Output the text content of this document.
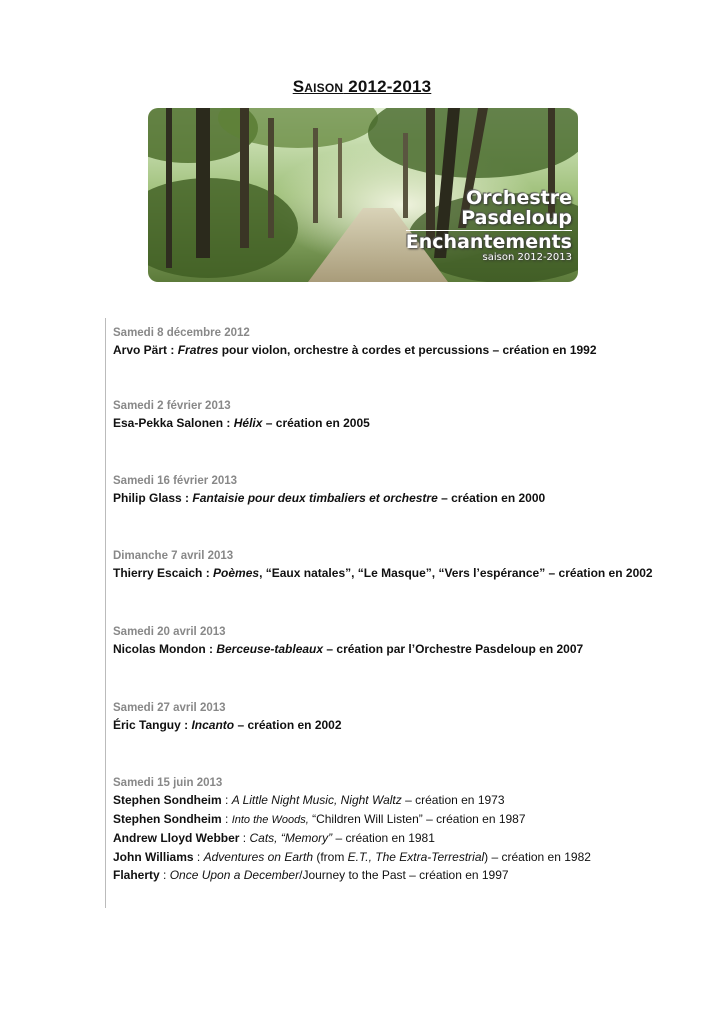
SAISON 2012-2013
Orchestre
Pasdeloup
Enchantements
saison 2012-2013
Samedi 8 décembre 2012
Arvo Pärt : Fratres pour violon, orchestre à cordes et percussions – création en 1992
Samedi 2 février 2013
Esa-Pekka Salonen : Hélix – création en 2005
Samedi 16 février 2013
Philip Glass : Fantaisie pour deux timbaliers et orchestre – création en 2000
Dimanche 7 avril 2013
Thierry Escaich : Poèmes, “Eaux natales”, “Le Masque”, “Vers l’espérance” – création en 2002
Samedi 20 avril 2013
Nicolas Mondon : Berceuse-tableaux – création par l’Orchestre Pasdeloup en 2007
Samedi 27 avril 2013
Éric Tanguy : Incanto – création en 2002
Samedi 15 juin 2013
Stephen Sondheim : A Little Night Music, Night Waltz – création en 1973
Stephen Sondheim : Into the Woods, “Children Will Listen” – création en 1987
Andrew Lloyd Webber : Cats, “Memory” – création en 1981
John Williams : Adventures on Earth (from E.T., The Extra-Terrestrial) – création en 1982
Flaherty : Once Upon a December/Journey to the Past – création en 1997
